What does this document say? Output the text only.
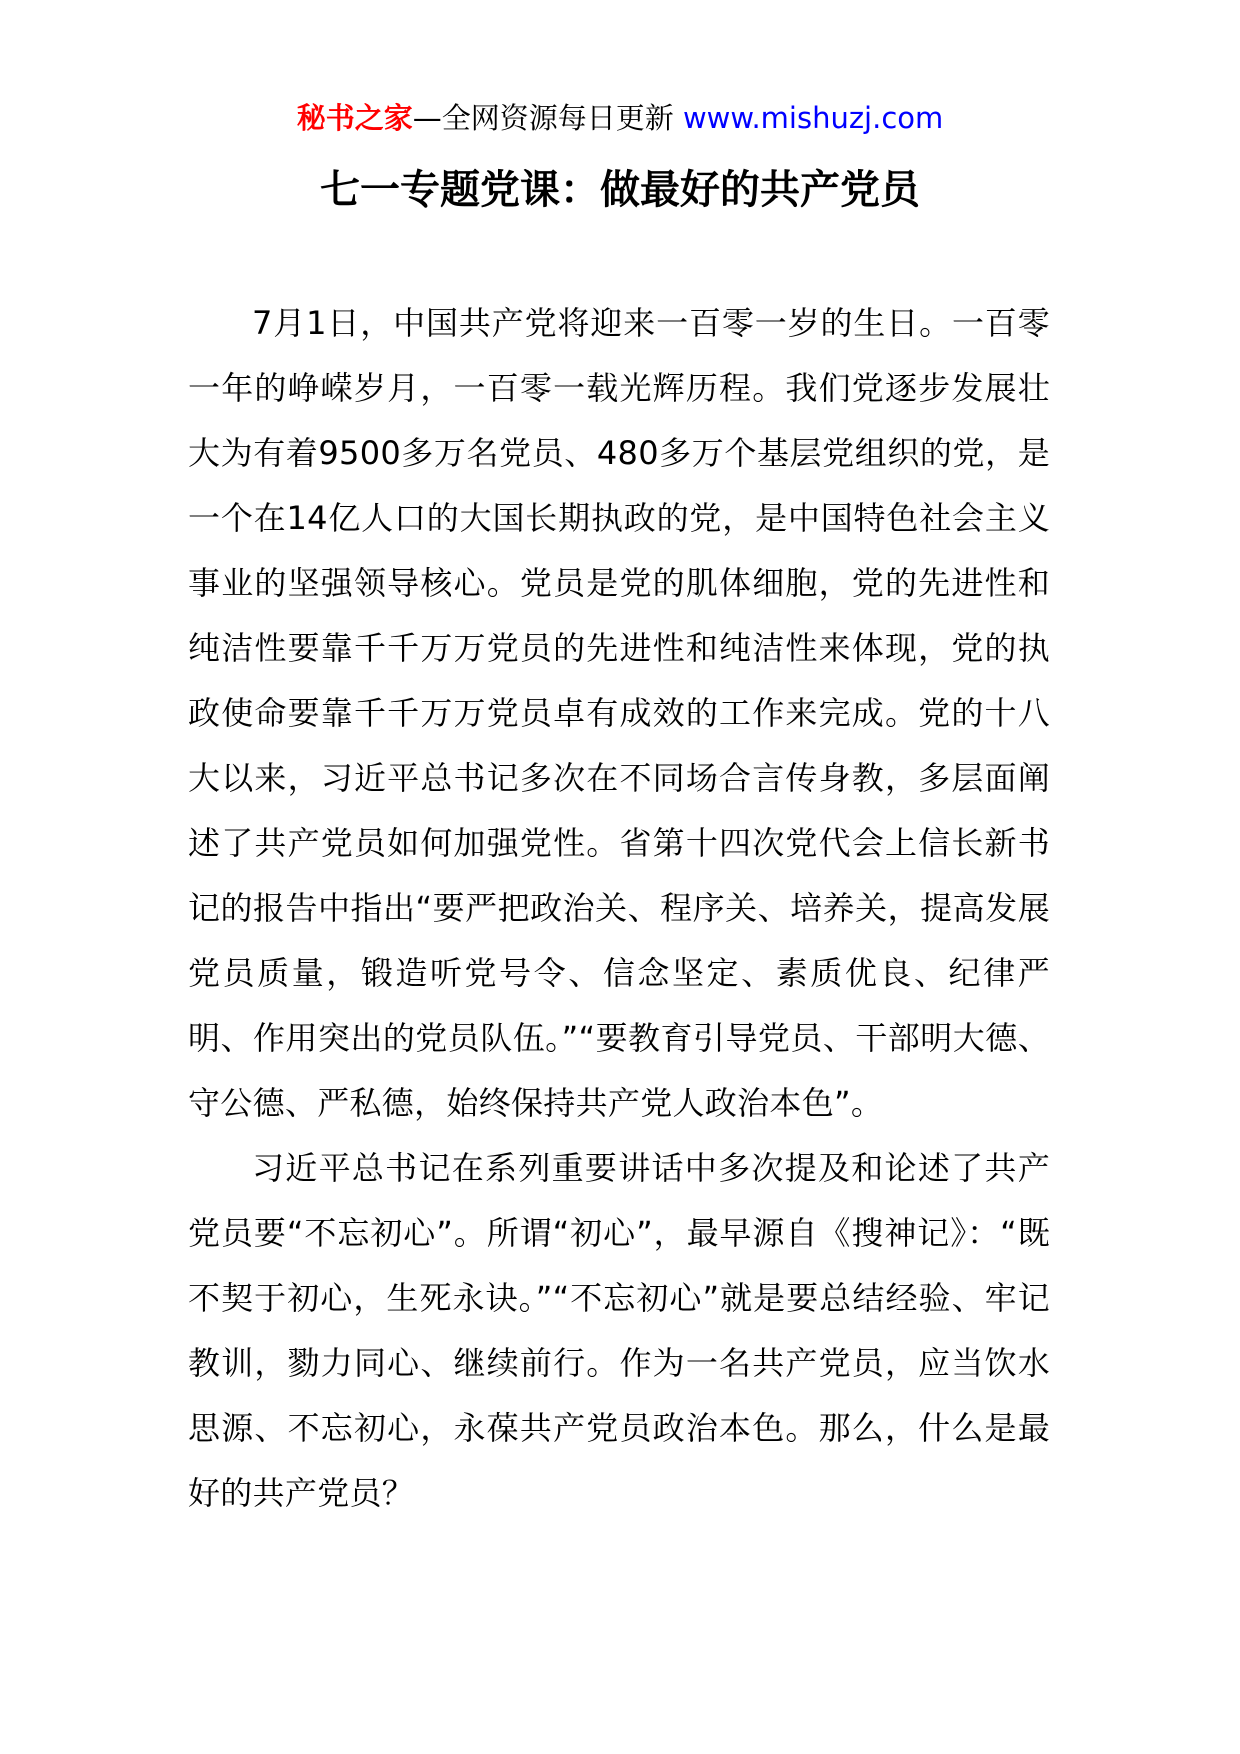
秘书之家—全网资源每日更新 www.mishuzj.com
七一专题党课：做最好的共产党员

7月1日，中国共产党将迎来一百零一岁的生日。一百零一年的峥嵘岁月，一百零一载光辉历程。我们党逐步发展壮大为有着9500多万名党员、480多万个基层党组织的党，是一个在14亿人口的大国长期执政的党，是中国特色社会主义事业的坚强领导核心。党员是党的肌体细胞，党的先进性和纯洁性要靠千千万万党员的先进性和纯洁性来体现，党的执政使命要靠千千万万党员卓有成效的工作来完成。党的十八大以来，习近平总书记多次在不同场合言传身教，多层面阐述了共产党员如何加强党性。省第十四次党代会上信长新书记的报告中指出“要严把政治关、程序关、培养关，提高发展党员质量，锻造听党号令、信念坚定、素质优良、纪律严明、作用突出的党员队伍。”“要教育引导党员、干部明大德、守公德、严私德，始终保持共产党人政治本色”。

习近平总书记在系列重要讲话中多次提及和论述了共产党员要“不忘初心”。所谓“初心”，最早源自《搜神记》：“既不契于初心，生死永诀。”“不忘初心”就是要总结经验、牢记教训，勠力同心、继续前行。作为一名共产党员，应当饮水思源、不忘初心，永葆共产党员政治本色。那么，什么是最好的共产党员？
